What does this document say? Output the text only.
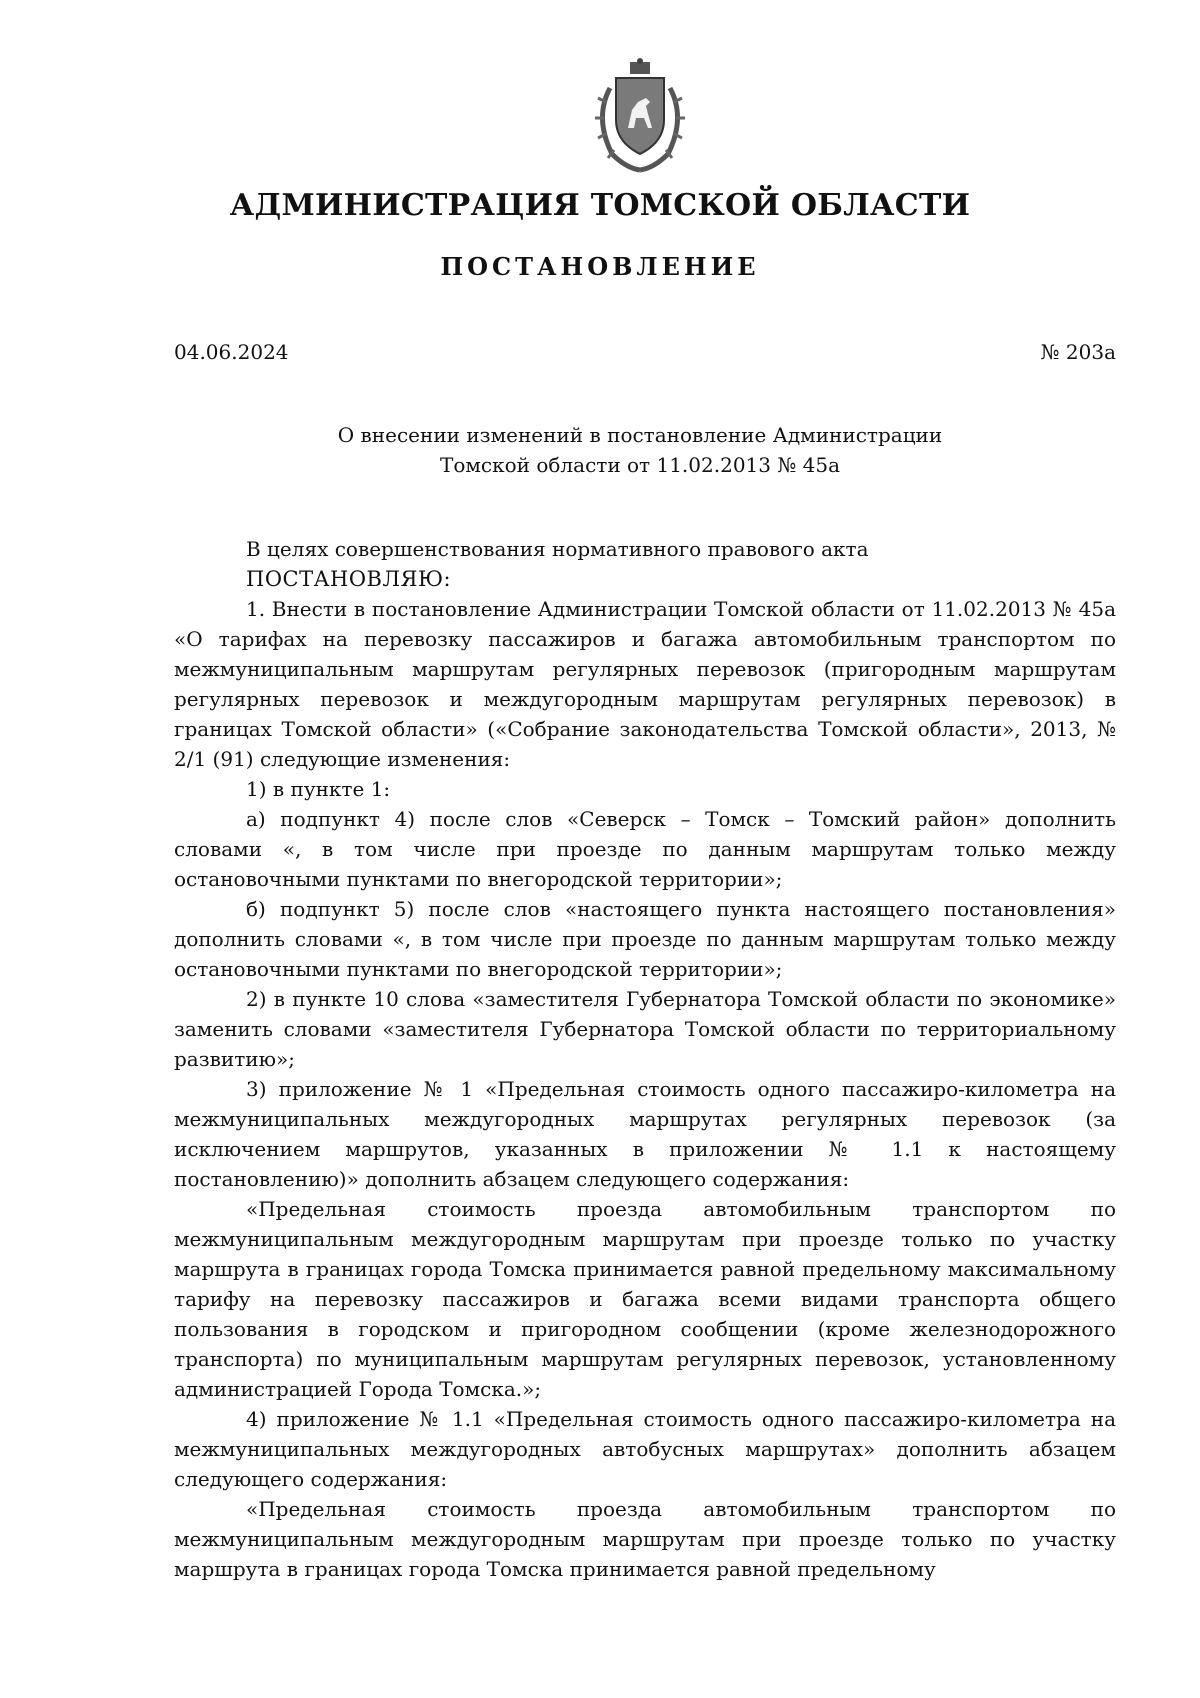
АДМИНИСТРАЦИЯ ТОМСКОЙ ОБЛАСТИ
ПОСТАНОВЛЕНИЕ
04.06.2024	№ 203а
О внесении изменений в постановление Администрации
Томской области от 11.02.2013 № 45а

В целях совершенствования нормативного правового акта

ПОСТАНОВЛЯЮ:

1. Внести в постановление Администрации Томской области от 11.02.2013 № 45а «О тарифах на перевозку пассажиров и багажа автомобильным транспортом по межмуниципальным маршрутам регулярных перевозок (пригородным маршрутам регулярных перевозок и междугородным маршрутам регулярных перевозок) в границах Томской области» («Собрание законодательства Томской области», 2013, № 2/1 (91) следующие изменения:

1) в пункте 1:

а) подпункт 4) после слов «Северск – Томск – Томский район» дополнить словами «, в том числе при проезде по данным маршрутам только между остановочными пунктами по внегородской территории»;

б) подпункт 5) после слов «настоящего пункта настоящего постановления» дополнить словами «, в том числе при проезде по данным маршрутам только между остановочными пунктами по внегородской территории»;

2) в пункте 10 слова «заместителя Губернатора Томской области по экономике» заменить словами «заместителя Губернатора Томской области по территориальному развитию»;

3) приложение № 1 «Предельная стоимость одного пассажиро-километра на межмуниципальных междугородных маршрутах регулярных перевозок (за исключением маршрутов, указанных в приложении № 1.1 к настоящему постановлению)» дополнить абзацем следующего содержания:

«Предельная стоимость проезда автомобильным транспортом по межмуниципальным междугородным маршрутам при проезде только по участку маршрута в границах города Томска принимается равной предельному максимальному тарифу на перевозку пассажиров и багажа всеми видами транспорта общего пользования в городском и пригородном сообщении (кроме железнодорожного транспорта) по муниципальным маршрутам регулярных перевозок, установленному администрацией Города Томска.»;

4) приложение № 1.1 «Предельная стоимость одного пассажиро-километра на межмуниципальных междугородных автобусных маршрутах» дополнить абзацем следующего содержания:

«Предельная стоимость проезда автомобильным транспортом по межмуниципальным междугородным маршрутам при проезде только по участку маршрута в границах города Томска принимается равной предельному
